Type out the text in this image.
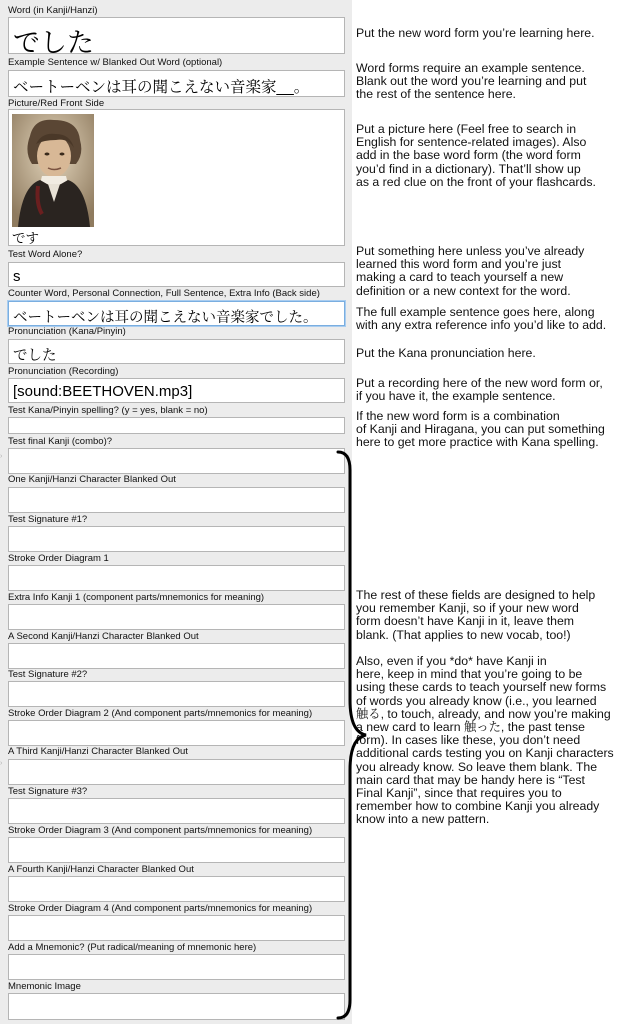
Word (in Kanji/Hanzi)
でした
Example Sentence w/ Blanked Out Word (optional)
ベートーベンは耳の聞こえない音楽家__。
Picture/Red Front Side
です
Test Word Alone?
s
Counter Word, Personal Connection, Full Sentence, Extra Info (Back side)
ベートーベンは耳の聞こえない音楽家でした。
Pronunciation (Kana/Pinyin)
でした
Pronunciation (Recording)
[sound:BEETHOVEN.mp3]
Test Kana/Pinyin spelling? (y = yes, blank = no)
Test final Kanji (combo)?
One Kanji/Hanzi Character Blanked Out
Test Signature #1?
Stroke Order Diagram 1
Extra Info Kanji 1 (component parts/mnemonics for meaning)
A Second Kanji/Hanzi Character Blanked Out
Test Signature #2?
Stroke Order Diagram 2 (And component parts/mnemonics for meaning)
A Third Kanji/Hanzi Character Blanked Out
Test Signature #3?
Stroke Order Diagram 3 (And component parts/mnemonics for meaning)
A Fourth Kanji/Hanzi Character Blanked Out
Stroke Order Diagram 4 (And component parts/mnemonics for meaning)
Add a Mnemonic? (Put radical/meaning of mnemonic here)
Mnemonic Image
›
›
Put the new word form you’re learning here.
Word forms require an example sentence.
Blank out the word you’re learning and put
the rest of the sentence here.
Put a picture here (Feel free to search in
English for sentence-related images). Also
add in the base word form (the word form
you’d find in a dictionary). That’ll show up
as a red clue on the front of your flashcards.
Put something here unless you’ve already
learned this word form and you’re just
making a card to teach yourself a new
definition or a new context for the word.
The full example sentence goes here, along
with any extra reference info you’d like to add.
Put the Kana pronunciation here.
Put a recording here of the new word form or,
if you have it, the example sentence.
If the new word form is a combination
of Kanji and Hiragana, you can put something
here to get more practice with Kana spelling.
The rest of these fields are designed to help
you remember Kanji, so if your new word
form doesn’t have Kanji in it, leave them
blank. (That applies to new vocab, too!)

Also, even if you *do* have Kanji in
here, keep in mind that you’re going to be
using these cards to teach yourself new forms
of words you already know (i.e., you learned
触る, to touch, already, and now you’re making
a new card to learn 触った, the past tense
form). In cases like these, you don’t need
additional cards testing you on Kanji characters
you already know. So leave them blank. The
main card that may be handy here is “Test
Final Kanji”, since that requires you to
remember how to combine Kanji you already
know into a new pattern.
